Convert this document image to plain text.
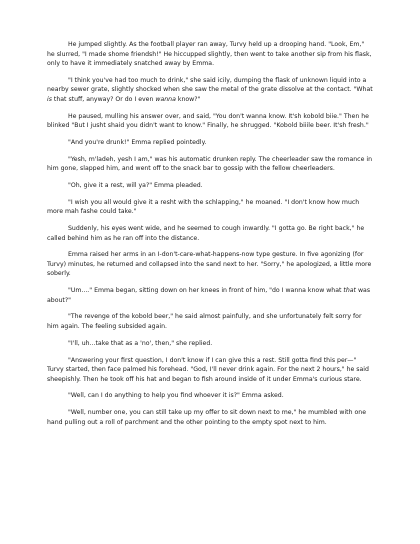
He jumped slightly. As the football player ran away, Turvy held up a drooping hand. "Look, Em," he slurred, "I made shome friendsh!" He hiccupped slightly, then went to take another sip from his flask, only to have it immediately snatched away by Emma.

"I think you've had too much to drink," she said icily, dumping the flask of unknown liquid into a nearby sewer grate, slightly shocked when she saw the metal of the grate dissolve at the contact. "What is that stuff, anyway? Or do I even wanna know?"

He paused, mulling his answer over, and said, "You don't wanna know. It'sh kobold biie." Then he blinked "But I jusht shaid you didn't want to know." Finally, he shrugged. "Kobold biiile beer. It'sh fresh."

"And you're drunk!" Emma replied pointedly.

"Yesh, m'ladeh, yesh I am," was his automatic drunken reply. The cheerleader saw the romance in him gone, slapped him, and went off to the snack bar to gossip with the fellow cheerleaders.

"Oh, give it a rest, will ya?" Emma pleaded.

"I wish you all would give it a resht with the schlapping," he moaned. "I don't know how much more mah fashe could take."

Suddenly, his eyes went wide, and he seemed to cough inwardly. "I gotta go. Be right back," he called behind him as he ran off into the distance.

Emma raised her arms in an I-don't-care-what-happens-now type gesture. In five agonizing (for Turvy) minutes, he returned and collapsed into the sand next to her. "Sorry," he apologized, a little more soberly.

"Um...." Emma began, sitting down on her knees in front of him, "do I wanna know what that was about?"

"The revenge of the kobold beer," he said almost painfully, and she unfortunately felt sorry for him again. The feeling subsided again.

"I'll, uh...take that as a 'no', then," she replied.

"Answering your first question, I don't know if I can give this a rest. Still gotta find this per—" Turvy started, then face palmed his forehead. "God, I'll never drink again. For the next 2 hours," he said sheepishly. Then he took off his hat and began to fish around inside of it under Emma's curious stare.

"Well, can I do anything to help you find whoever it is?" Emma asked.

"Well, number one, you can still take up my offer to sit down next to me," he mumbled with one hand pulling out a roll of parchment and the other pointing to the empty spot next to him.
